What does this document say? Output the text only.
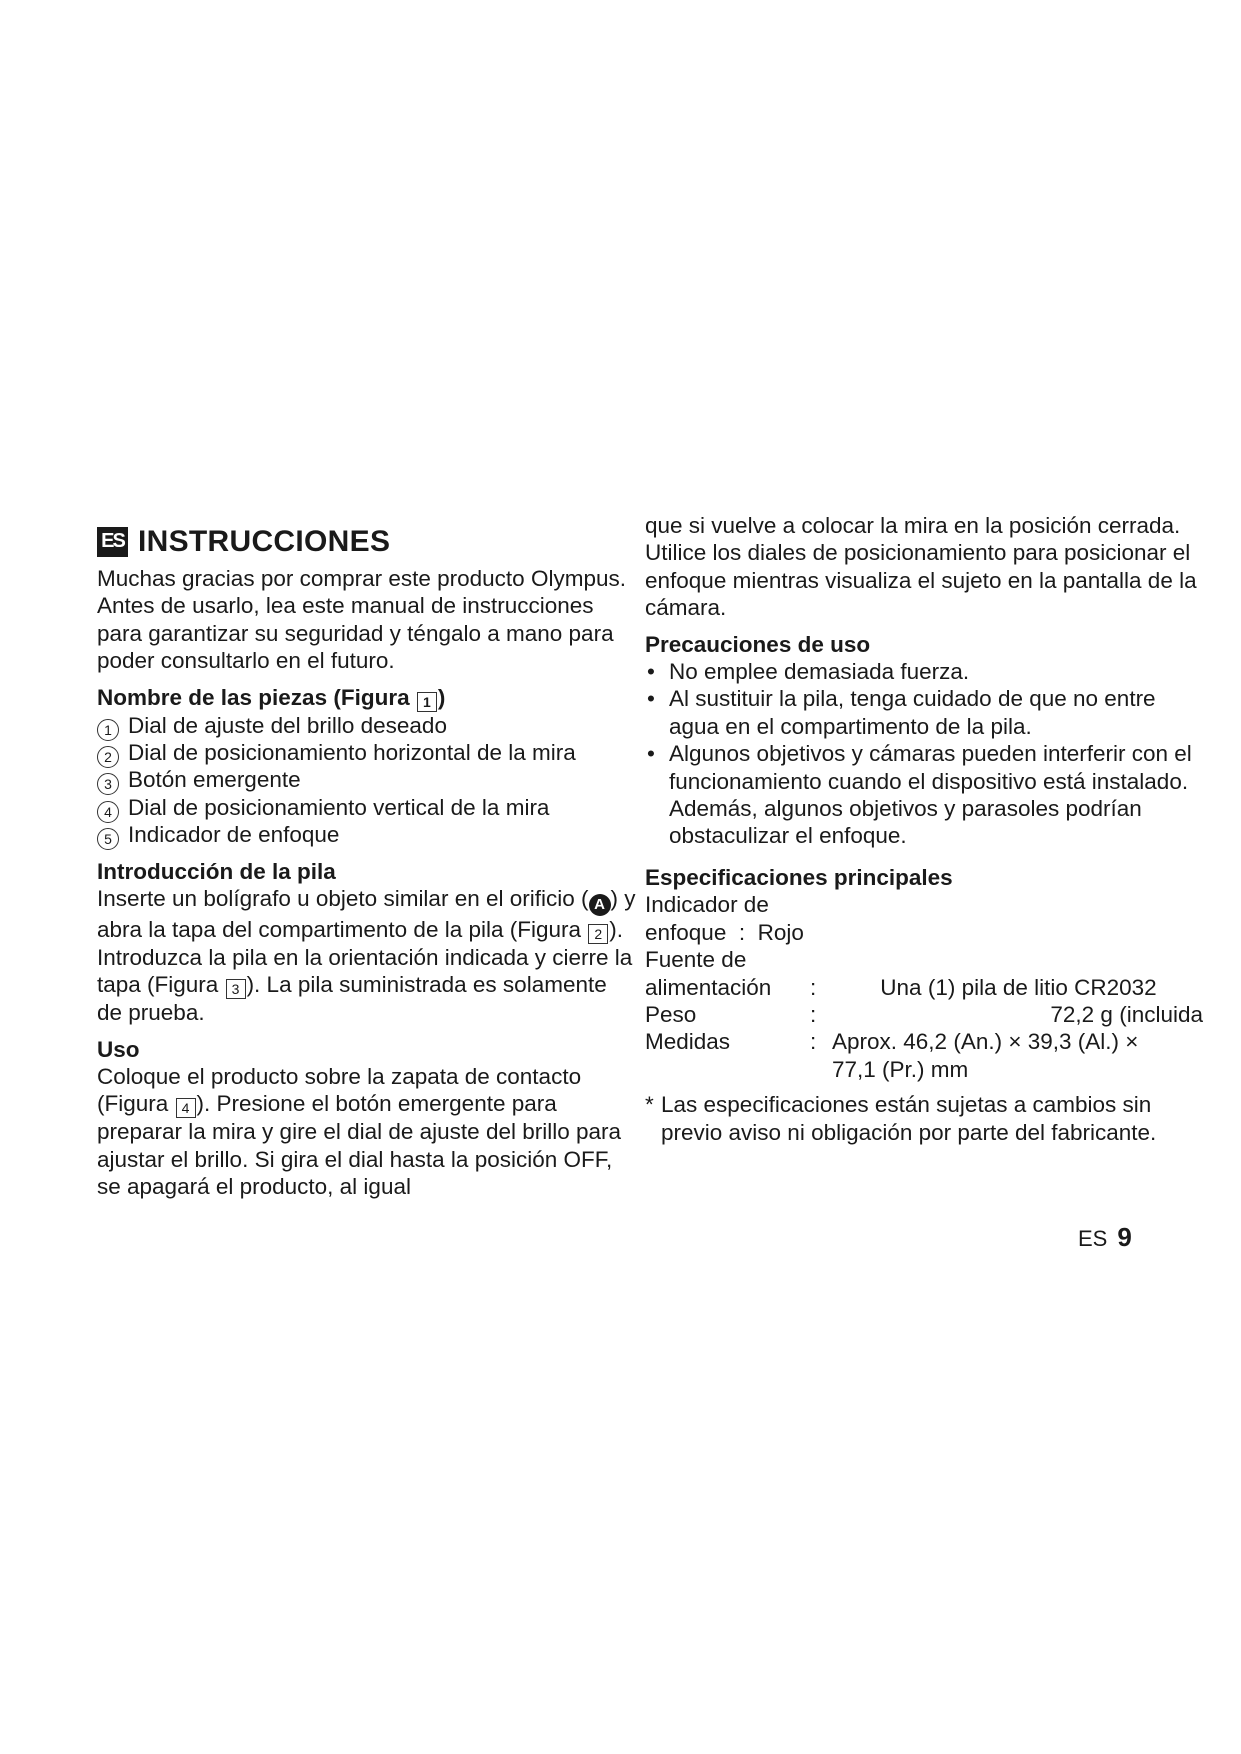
ES INSTRUCCIONES

Muchas gracias por comprar este producto Olympus. Antes de usarlo, lea este manual de instrucciones para garantizar su seguridad y téngalo a mano para poder consultarlo en el futuro.

Nombre de las piezas (Figura 1 )

1 Dial de ajuste del brillo deseado
2 Dial de posicionamiento horizontal de la mira
3 Botón emergente
4 Dial de posicionamiento vertical de la mira
5 Indicador de enfoque

Introducción de la pila

Inserte un bolígrafo u objeto similar en el orificio ( A ) y abra la tapa del compartimento de la pila (Figura 2 ). Introduzca la pila en la orientación indicada y cierre la tapa (Figura 3 ). La pila suministrada es solamente de prueba.

Uso

Coloque el producto sobre la zapata de contacto (Figura 4 ). Presione el botón emergente para preparar la mira y gire el dial de ajuste del brillo para ajustar el brillo. Si gira el dial hasta la posición OFF, se apagará el producto, al igual

que si vuelve a colocar la mira en la posición cerrada. Utilice los diales de posicionamiento para posicionar el enfoque mientras visualiza el sujeto en la pantalla de la cámara.

Precauciones de uso

• No emplee demasiada fuerza.
• Al sustituir la pila, tenga cuidado de que no entre agua en el compartimento de la pila.
• Algunos objetivos y cámaras pueden interferir con el funcionamiento cuando el dispositivo está instalado. Además, algunos objetivos y parasoles podrían obstaculizar el enfoque.

Especificaciones principales

Indicador de
enfoque : Rojo
Fuente de
alimentación	:	Una (1) pila de litio CR2032
Peso	:	72,2 g (incluida
Medidas	: Aprox. 46,2 (An.) × 39,3 (Al.) ×
77,1 (Pr.) mm
* Las especificaciones están sujetas a cambios sin previo aviso ni obligación por parte del fabricante.
ES 9
